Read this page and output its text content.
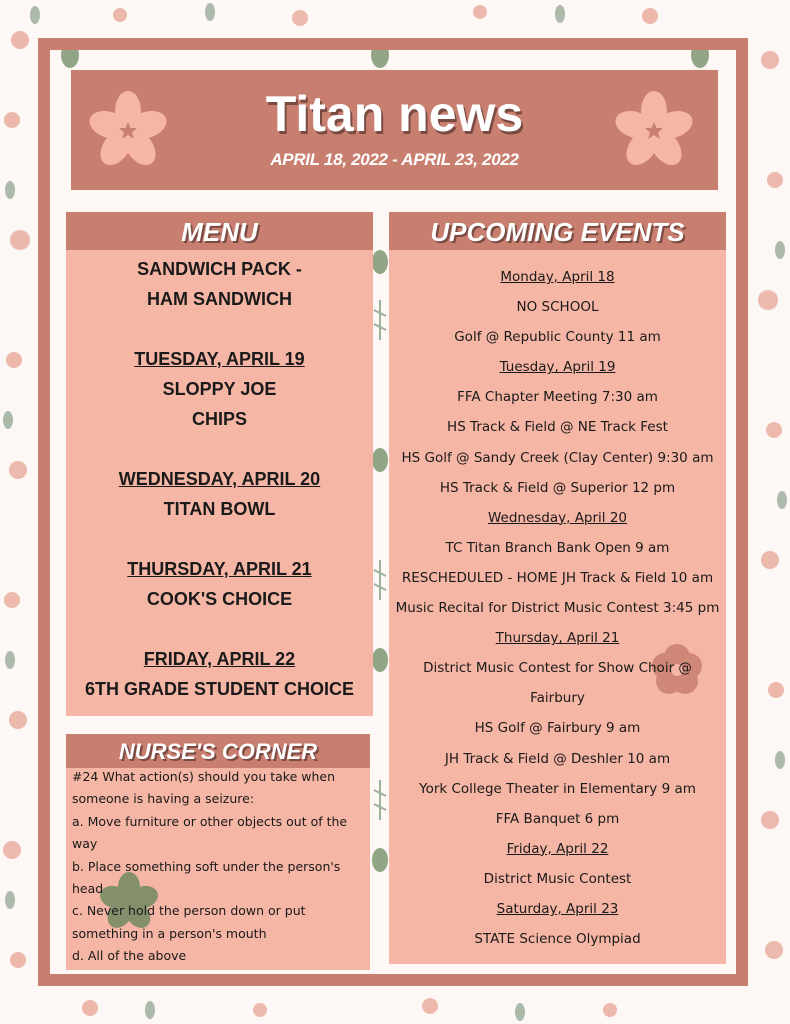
Titan news
APRIL 18, 2022 - APRIL 23, 2022
MENU
SANDWICH PACK -
HAM SANDWICH
TUESDAY, APRIL 19
SLOPPY JOE
CHIPS
WEDNESDAY, APRIL 20
TITAN BOWL
THURSDAY, APRIL 21
COOK'S CHOICE
FRIDAY, APRIL 22
6TH GRADE STUDENT CHOICE
NURSE'S CORNER
#24 What action(s) should you take when someone is having a seizure:
a. Move furniture or other objects out of the way
b. Place something soft under the person's head
c. Never hold the person down or put something in a person's mouth
d. All of the above
UPCOMING EVENTS
Monday, April 18
NO SCHOOL
Golf @ Republic County 11 am
Tuesday, April 19
FFA Chapter Meeting 7:30 am
HS Track & Field @ NE Track Fest
HS Golf @ Sandy Creek (Clay Center) 9:30 am
HS Track & Field @ Superior 12 pm
Wednesday, April 20
TC Titan Branch Bank Open 9 am
RESCHEDULED - HOME JH Track & Field 10 am
Music Recital for District Music Contest 3:45 pm
Thursday, April 21
District Music Contest for Show Choir @
Fairbury
HS Golf @ Fairbury 9 am
JH Track & Field @ Deshler 10 am
York College Theater in Elementary 9 am
FFA Banquet 6 pm
Friday, April 22
District Music Contest
Saturday, April 23
STATE Science Olympiad
